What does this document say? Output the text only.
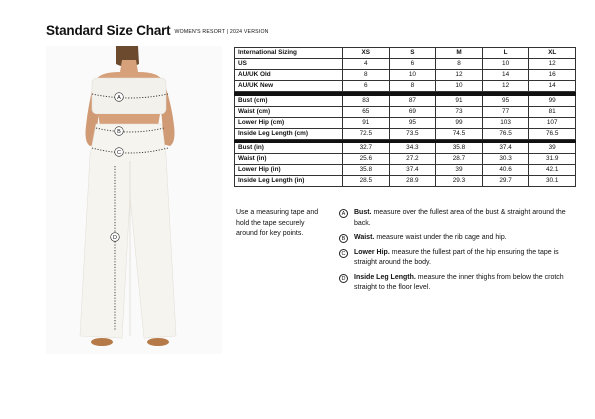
Standard Size Chart $^{WOMEN'S RESORT | 2024 VERSION}$
A
B
C
D
International Sizing	XS	S	M	L	XL
US	4	6	8	10	12
AU/UK Old	8	10	12	14	16
AU/UK New	6	8	10	12	14

Bust (cm)	83	87	91	95	99
Waist (cm)	65	69	73	77	81
Lower Hip (cm)	91	95	99	103	107
Inside Leg Length (cm)	72.5	73.5	74.5	76.5	76.5

Bust (in)	32.7	34.3	35.8	37.4	39
Waist (in)	25.6	27.2	28.7	30.3	31.9
Lower Hip (in)	35.8	37.4	39	40.6	42.1
Inside Leg Length (in)	28.5	28.9	29.3	29.7	30.1
Use a measuring tape and hold the tape securely around for key points.
A	Bust. measure over the fullest area of the bust & straight around the back.
B	Waist. measure waist under the rib cage and hip.
C	Lower Hip. measure the fullest part of the hip ensuring the tape is straight around the body.
D	Inside Leg Length. measure the inner thighs from below the crotch straight to the floor level.
